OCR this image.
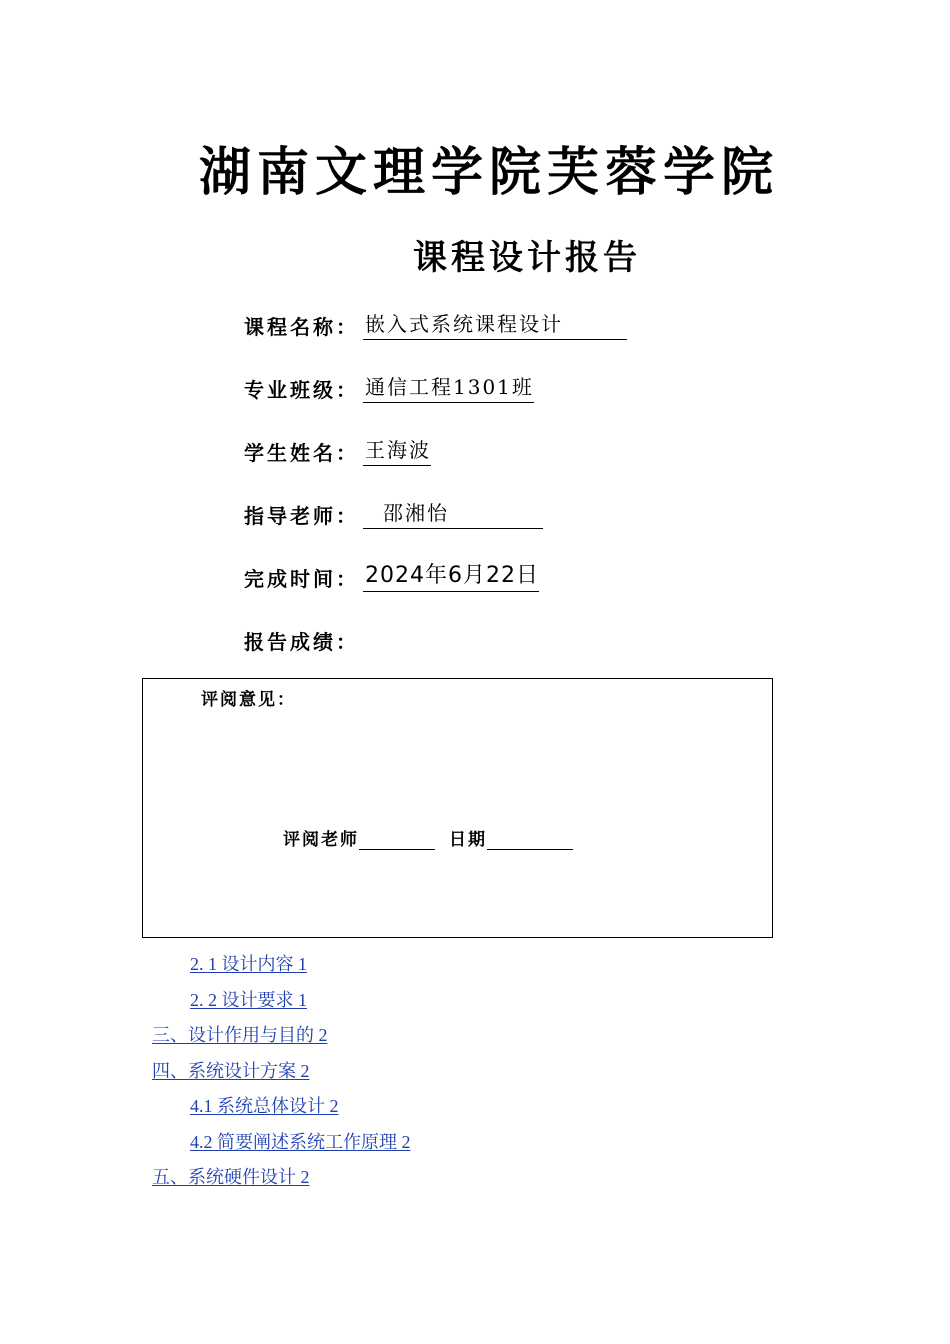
湖南文理学院芙蓉学院
课程设计报告
课程名称： 嵌入式系统课程设计
专业班级： 通信工程1301班
学生姓名： 王海波
指导老师：	邵湘怡
完成时间： 2024年6月22日
报告成绩：
评阅意见：
评阅老师	日期
2. 1 设计内容 1
2. 2 设计要求 1
三、设计作用与目的 2
四、系统设计方案 2
4.1 系统总体设计 2
4.2 简要阐述系统工作原理 2
五、系统硬件设计 2
